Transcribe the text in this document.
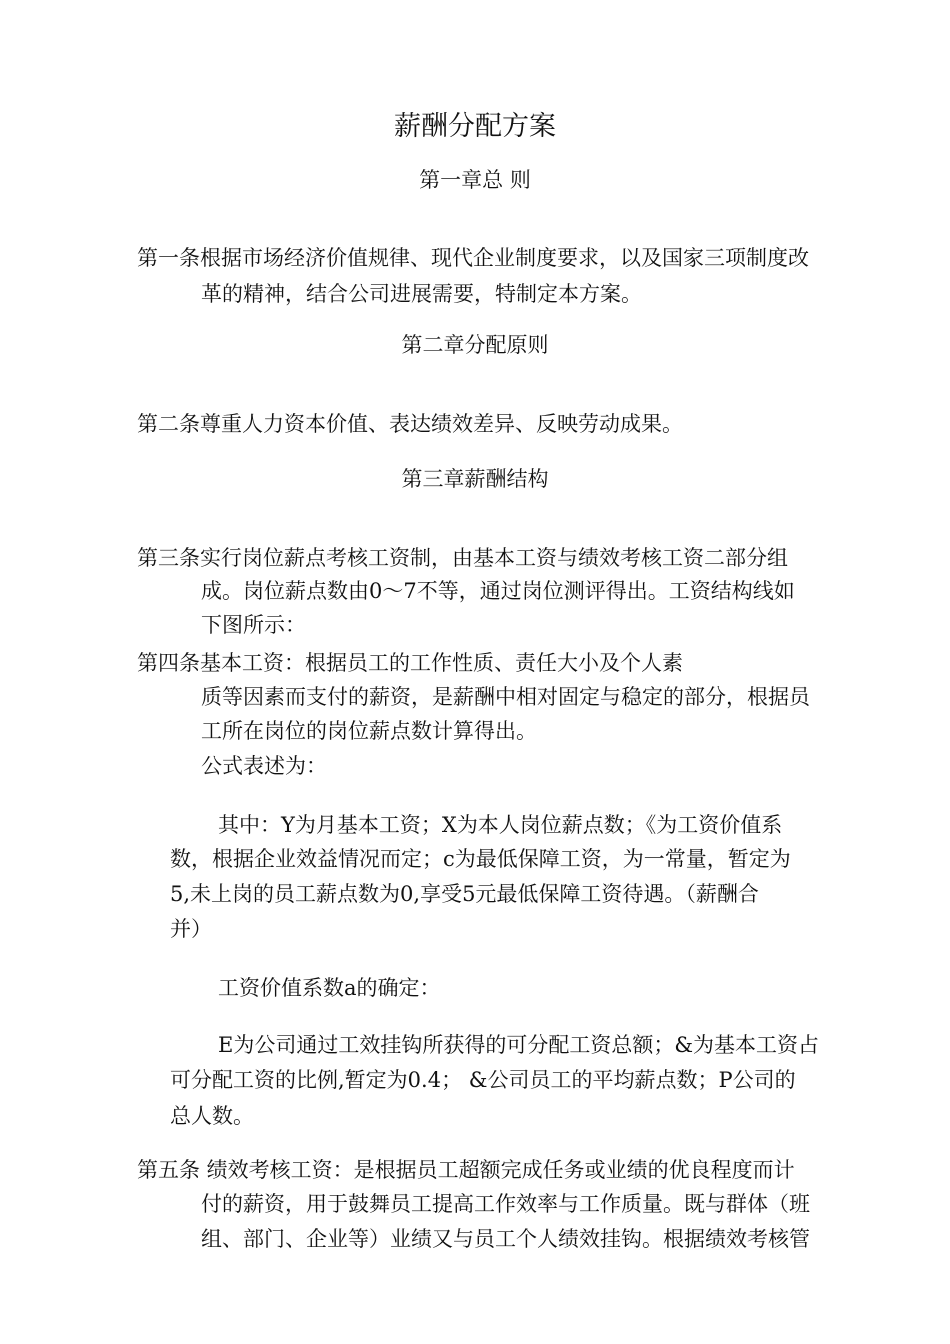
薪酬分配方案
第一章总 则
第一条根据市场经济价值规律、现代企业制度要求，以及国家三项制度改
革的精神，结合公司进展需要，特制定本方案。
第二章分配原则
第二条尊重人力资本价值、表达绩效差异、反映劳动成果。
第三章薪酬结构
第三条实行岗位薪点考核工资制，由基本工资与绩效考核工资二部分组
成。岗位薪点数由0〜7不等，通过岗位测评得出。工资结构线如
下图所示：
第四条基本工资：根据员工的工作性质、责任大小及个人素
质等因素而支付的薪资，是薪酬中相对固定与稳定的部分，根据员
工所在岗位的岗位薪点数计算得出。
公式表述为：
其中：Y为月基本工资；X为本人岗位薪点数；《为工资价值系
数，根据企业效益情况而定；c为最低保障工资，为一常量，暂定为
5,未上岗的员工薪点数为0,享受5元最低保障工资待遇。（薪酬合
并）
工资价值系数a的确定：
E为公司通过工效挂钩所获得的可分配工资总额；&为基本工资占
可分配工资的比例,暂定为0.4； &公司员工的平均薪点数；P公司的
总人数。
第五条 绩效考核工资：是根据员工超额完成任务或业绩的优良程度而计
付的薪资，用于鼓舞员工提高工作效率与工作质量。既与群体（班
组、部门、企业等）业绩又与员工个人绩效挂钩。根据绩效考核管
